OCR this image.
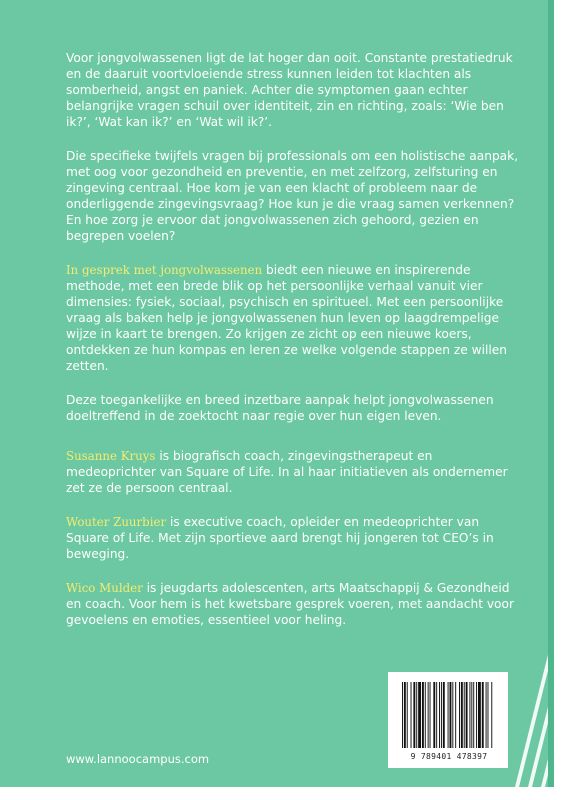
Voor jongvolwassenen ligt de lat hoger dan ooit. Constante prestatiedruk en de daaruit voortvloeiende stress kunnen leiden tot klachten als somberheid, angst en paniek. Achter die symptomen gaan echter belangrijke vragen schuil over identiteit, zin en richting, zoals: ‘Wie ben ik?’, ‘Wat kan ik?’ en ‘Wat wil ik?’.

Die specifieke twijfels vragen bij professionals om een holistische aanpak, met oog voor gezondheid en preventie, en met zelfzorg, zelfsturing en zingeving centraal. Hoe kom je van een klacht of probleem naar de onderliggende zingevingsvraag? Hoe kun je die vraag samen verkennen? En hoe zorg je ervoor dat jongvolwassenen zich gehoord, gezien en begrepen voelen?

In gesprek met jongvolwassenen biedt een nieuwe en inspirerende methode, met een brede blik op het persoonlijke verhaal vanuit vier dimensies: fysiek, sociaal, psychisch en spiritueel. Met een persoonlijke vraag als baken help je jongvolwassenen hun leven op laagdrempelige wijze in kaart te brengen. Zo krijgen ze zicht op een nieuwe koers, ontdekken ze hun kompas en leren ze welke volgende stappen ze willen zetten.

Deze toegankelijke en breed inzetbare aanpak helpt jongvolwassenen doeltreffend in de zoektocht naar regie over hun eigen leven.

Susanne Kruys is biografisch coach, zingevingstherapeut en medeoprichter van Square of Life. In al haar initiatieven als ondernemer zet ze de persoon centraal.

Wouter Zuurbier is executive coach, opleider en medeoprichter van Square of Life. Met zijn sportieve aard brengt hij jongeren tot CEO’s in beweging.

Wico Mulder is jeugdarts adolescenten, arts Maatschappij & Gezondheid en coach. Voor hem is het kwetsbare gesprek voeren, met aandacht voor gevoelens en emoties, essentieel voor heling.

9 789401 478397
www.lannoocampus.com
